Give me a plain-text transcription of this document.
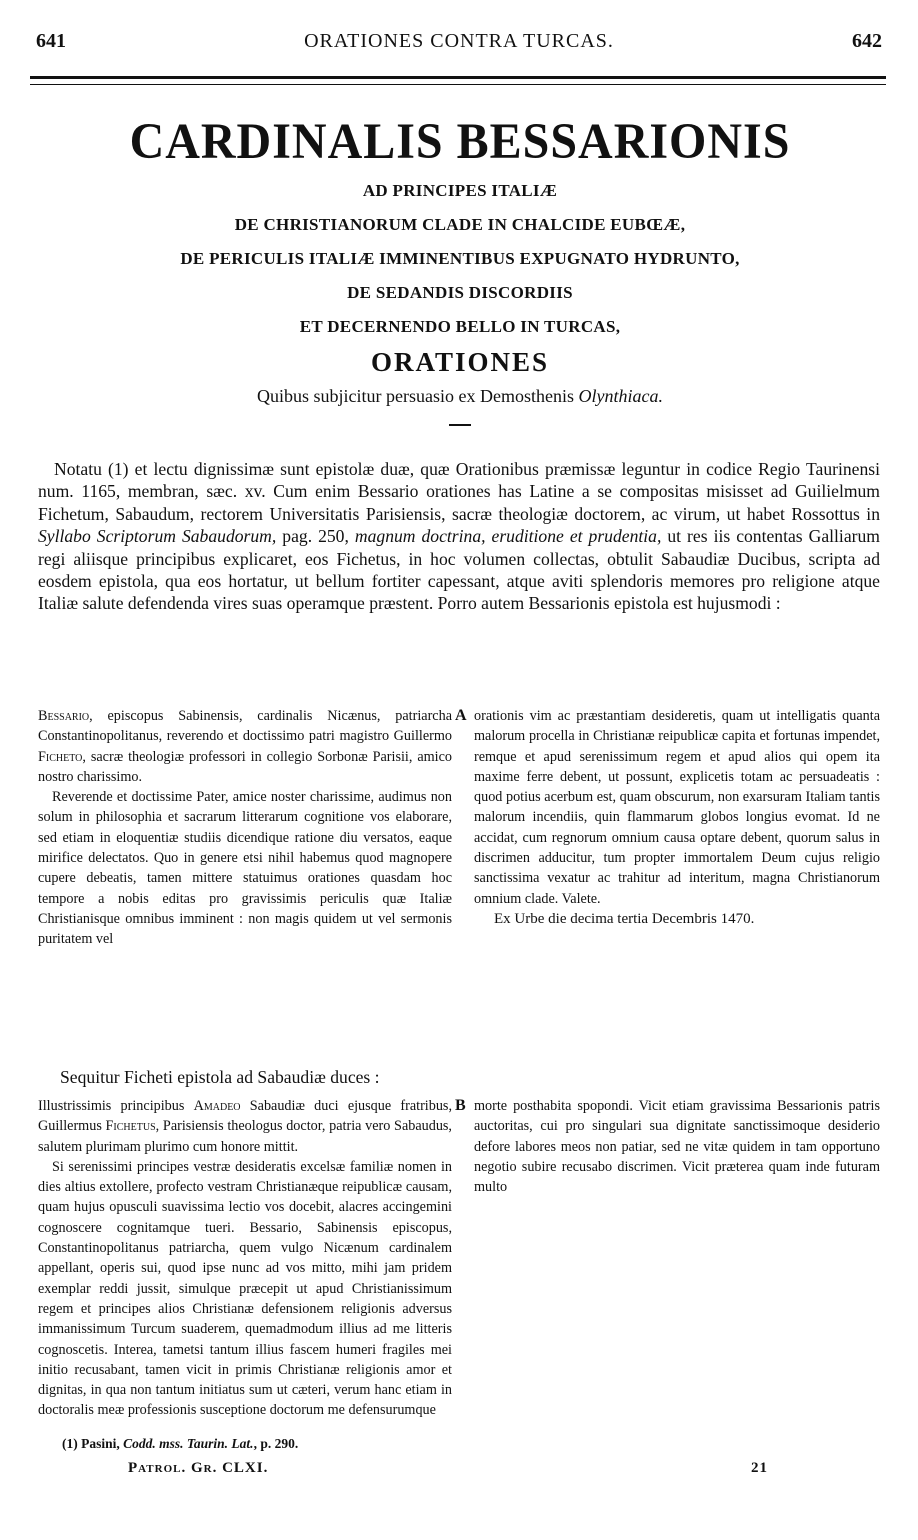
641	ORATIONES CONTRA TURCAS.	642
CARDINALIS BESSARIONIS
AD PRINCIPES ITALIÆ
DE CHRISTIANORUM CLADE IN CHALCIDE EUBŒÆ,
DE PERICULIS ITALIÆ IMMINENTIBUS EXPUGNATO HYDRUNTO,
DE SEDANDIS DISCORDIIS
ET DECERNENDO BELLO IN TURCAS,
ORATIONES
Quibus subjicitur persuasio ex Demosthenis Olynthiaca.

Notatu (1) et lectu dignissimæ sunt epistolæ duæ, quæ Orationibus præmissæ leguntur in codice Regio Taurinensi num. 1165, membran, sæc. xv. Cum enim Bessario orationes has Latine a se compositas misisset ad Guilielmum Fichetum, Sabaudum, rectorem Universitatis Parisiensis, sacræ theologiæ doctorem, ac virum, ut habet Rossottus in Syllabo Scriptorum Sabaudorum, pag. 250, magnum doctrina, eruditione et prudentia, ut res iis contentas Galliarum regi aliisque principibus explicaret, eos Fichetus, in hoc volumen collectas, obtulit Sabaudiæ Ducibus, scripta ad eosdem epistola, qua eos hortatur, ut bellum fortiter capessant, atque aviti splendoris memores pro religione atque Italiæ salute defendenda vires suas operamque præstent. Porro autem Bessarionis epistola est hujusmodi :

Bessario, episcopus Sabinensis, cardinalis Nicænus, patriarcha Constantinopolitanus, reverendo et doctissimo patri magistro Guillermo Ficheto, sacræ theologiæ professori in collegio Sorbonæ Parisii, amico nostro charissimo.

Reverende et doctissime Pater, amice noster charissime, audimus non solum in philosophia et sacrarum litterarum cognitione vos elaborare, sed etiam in eloquentiæ studiis dicendique ratione diu versatos, eaque mirifice delectatos. Quo in genere etsi nihil habemus quod magnopere cupere debeatis, tamen mittere statuimus orationes quasdam hoc tempore a nobis editas pro gravissimis periculis quæ Italiæ Christianisque omnibus imminent : non magis quidem ut vel sermonis puritatem vel

A orationis vim ac præstantiam desideretis, quam ut intelligatis quanta malorum procella in Christianæ reipublicæ capita et fortunas impendet, remque et apud serenissimum regem et apud alios qui opem ita maxime ferre debent, ut possunt, explicetis totam ac persuadeatis : quod potius acerbum est, quam obscurum, non exarsuram Italiam tantis malorum incendiis, quin flammarum globos longius evomat. Id ne accidat, cum regnorum omnium causa optare debent, quorum salus in discrimen adducitur, tum propter immortalem Deum cujus religio sanctissima vexatur ac trahitur ad interitum, magna Christianorum omnium clade. Valete.

Ex Urbe die decima tertia Decembris 1470.

Sequitur Ficheti epistola ad Sabaudiæ duces :

Illustrissimis principibus Amadeo Sabaudiæ duci ejusque fratribus, Guillermus Fichetus, Parisiensis theologus doctor, patria vero Sabaudus, salutem plurimam plurimo cum honore mittit.

Si serenissimi principes vestræ desideratis excelsæ familiæ nomen in dies altius extollere, profecto vestram Christianæque reipublicæ causam, quam hujus opusculi suavissima lectio vos docebit, alacres accingemini cognoscere cognitamque tueri. Bessario, Sabinensis episcopus, Constantinopolitanus patriarcha, quem vulgo Nicænum cardinalem appellant, operis sui, quod ipse nunc ad vos mitto, mihi jam pridem exemplar reddi jussit, simulque præcepit ut apud Christianissimum regem et principes alios Christianæ defensionem religionis adversus immanissimum Turcum suaderem, quemadmodum illius ad me litteris cognoscetis. Interea, tametsi tantum illius fascem humeri fragiles mei initio recusabant, tamen vicit in primis Christianæ religionis amor et dignitas, in qua non tantum initiatus sum ut cæteri, verum hanc etiam in doctoralis meæ professionis susceptione doctorum me defensurumque

B
(1) Pasini, Codd. mss. Taurin. Lat., p. 290.
Patrol. Gr. CLXI.	21

morte posthabita spopondi. Vicit etiam gravissima Bessarionis patris auctoritas, cui pro singulari sua dignitate sanctissimoque desiderio defore labores meos non patiar, sed ne vitæ quidem in tam opportuno negotio subire recusabo discrimen. Vicit præterea quam inde futuram multo
